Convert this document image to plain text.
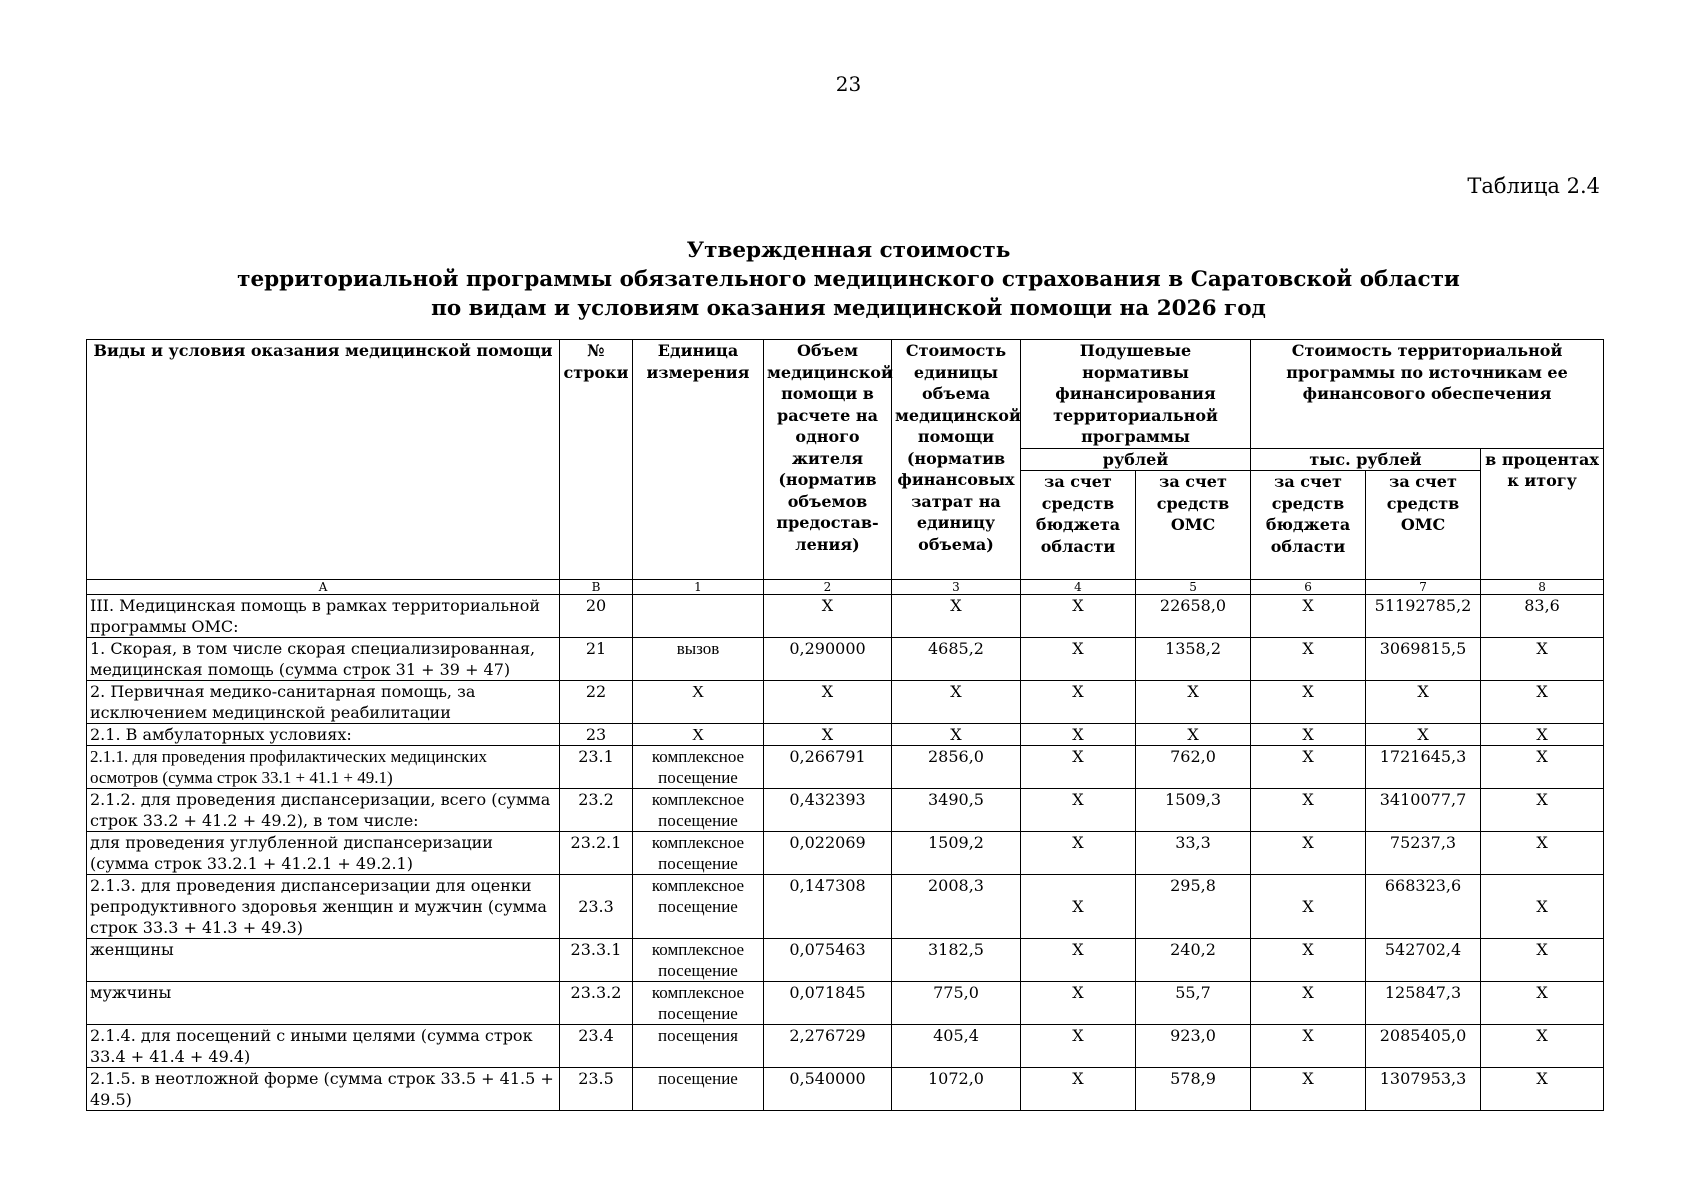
23
Таблица 2.4
Утвержденная стоимость
территориальной программы обязательного медицинского страхования в Саратовской области
по видам и условиям оказания медицинской помощи на 2026 год
Виды и условия оказания медицинской помощи	№ строки	Единица измерения	Объем медицинской помощи в расчете на одного жителя (норматив объемов предостав-ления)	Стоимость единицы объема медицинской помощи (норматив финансовых затрат на единицу объема)	Подушевые нормативы финансирования территориальной программы		Стоимость территориальной программы по источникам ее финансового обеспечения		
					рублей		тыс. рублей		в процентах к итогу
					за счет средств бюджета области	за счет средств ОМС	за счет средств бюджета области	за счет средств ОМС	
А	В	1	2	3	4	5	6	7	8
III. Медицинская помощь в рамках территориальной программы ОМС:	20		Х	Х	Х	22658,0	Х	51192785,2	83,6
1. Скорая, в том числе скорая специализированная, медицинская помощь (сумма строк 31 + 39 + 47)	21	вызов	0,290000	4685,2	Х	1358,2	Х	3069815,5	Х
2. Первичная медико-санитарная помощь, за исключением медицинской реабилитации	22	Х	Х	Х	Х	Х	Х	Х	Х
2.1. В амбулаторных условиях:	23	Х	Х	Х	Х	Х	Х	Х	Х
2.1.1. для проведения профилактических медицинских осмотров (сумма строк 33.1 + 41.1 + 49.1)	23.1	комплексное посещение	0,266791	2856,0	Х	762,0	Х	1721645,3	Х
2.1.2. для проведения диспансеризации, всего (сумма строк 33.2 + 41.2 + 49.2), в том числе:	23.2	комплексное посещение	0,432393	3490,5	Х	1509,3	Х	3410077,7	Х
для проведения углубленной диспансеризации (сумма строк 33.2.1 + 41.2.1 + 49.2.1)	23.2.1	комплексное посещение	0,022069	1509,2	Х	33,3	Х	75237,3	Х
2.1.3. для проведения диспансеризации для оценки репродуктивного здоровья женщин и мужчин (сумма строк 33.3 + 41.3 + 49.3)	23.3	комплексное посещение	0,147308	2008,3	Х	295,8	Х	668323,6	Х
женщины	23.3.1	комплексное посещение	0,075463	3182,5	Х	240,2	Х	542702,4	Х
мужчины	23.3.2	комплексное посещение	0,071845	775,0	Х	55,7	Х	125847,3	Х
2.1.4. для посещений с иными целями (сумма строк 33.4 + 41.4 + 49.4)	23.4	посещения	2,276729	405,4	Х	923,0	Х	2085405,0	Х
2.1.5. в неотложной форме (сумма строк 33.5 + 41.5 + 49.5)	23.5	посещение	0,540000	1072,0	Х	578,9	Х	1307953,3	Х
